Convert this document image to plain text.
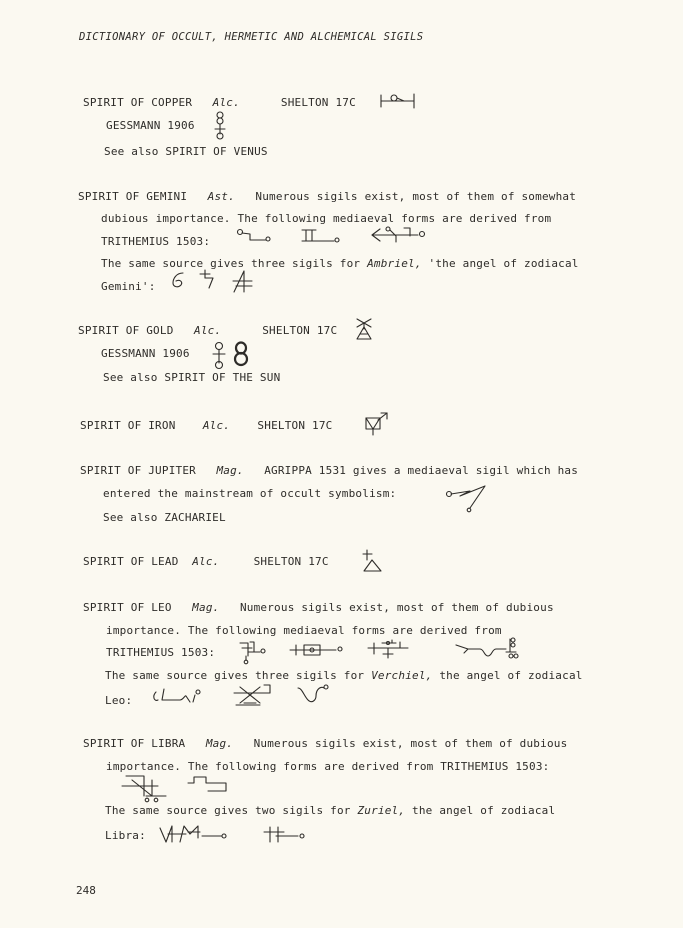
DICTIONARY OF OCCULT, HERMETIC AND ALCHEMICAL SIGILS
SPIRIT OF COPPER Alc.	SHELTON 17C
GESSMANN 1906
See also SPIRIT OF VENUS
SPIRIT OF GEMINI Ast. Numerous sigils exist, most of them of somewhat
dubious importance. The following mediaeval forms are derived from
TRITHEMIUS 1503:
The same source gives three sigils for Ambriel, 'the angel of zodiacal
Gemini':
SPIRIT OF GOLD Alc.	SHELTON 17C
GESSMANN 1906
See also SPIRIT OF THE SUN
SPIRIT OF IRON Alc. SHELTON 17C
SPIRIT OF JUPITER Mag. AGRIPPA 1531 gives a mediaeval sigil which has
entered the mainstream of occult symbolism:
See also ZACHARIEL
SPIRIT OF LEAD Alc.	SHELTON 17C
SPIRIT OF LEO Mag. Numerous sigils exist, most of them of dubious
importance. The following mediaeval forms are derived from
TRITHEMIUS 1503:
The same source gives three sigils for Verchiel, the angel of zodiacal
Leo:
SPIRIT OF LIBRA Mag. Numerous sigils exist, most of them of dubious
importance. The following forms are derived from TRITHEMIUS 1503:
The same source gives two sigils for Zuriel, the angel of zodiacal
Libra:
248
